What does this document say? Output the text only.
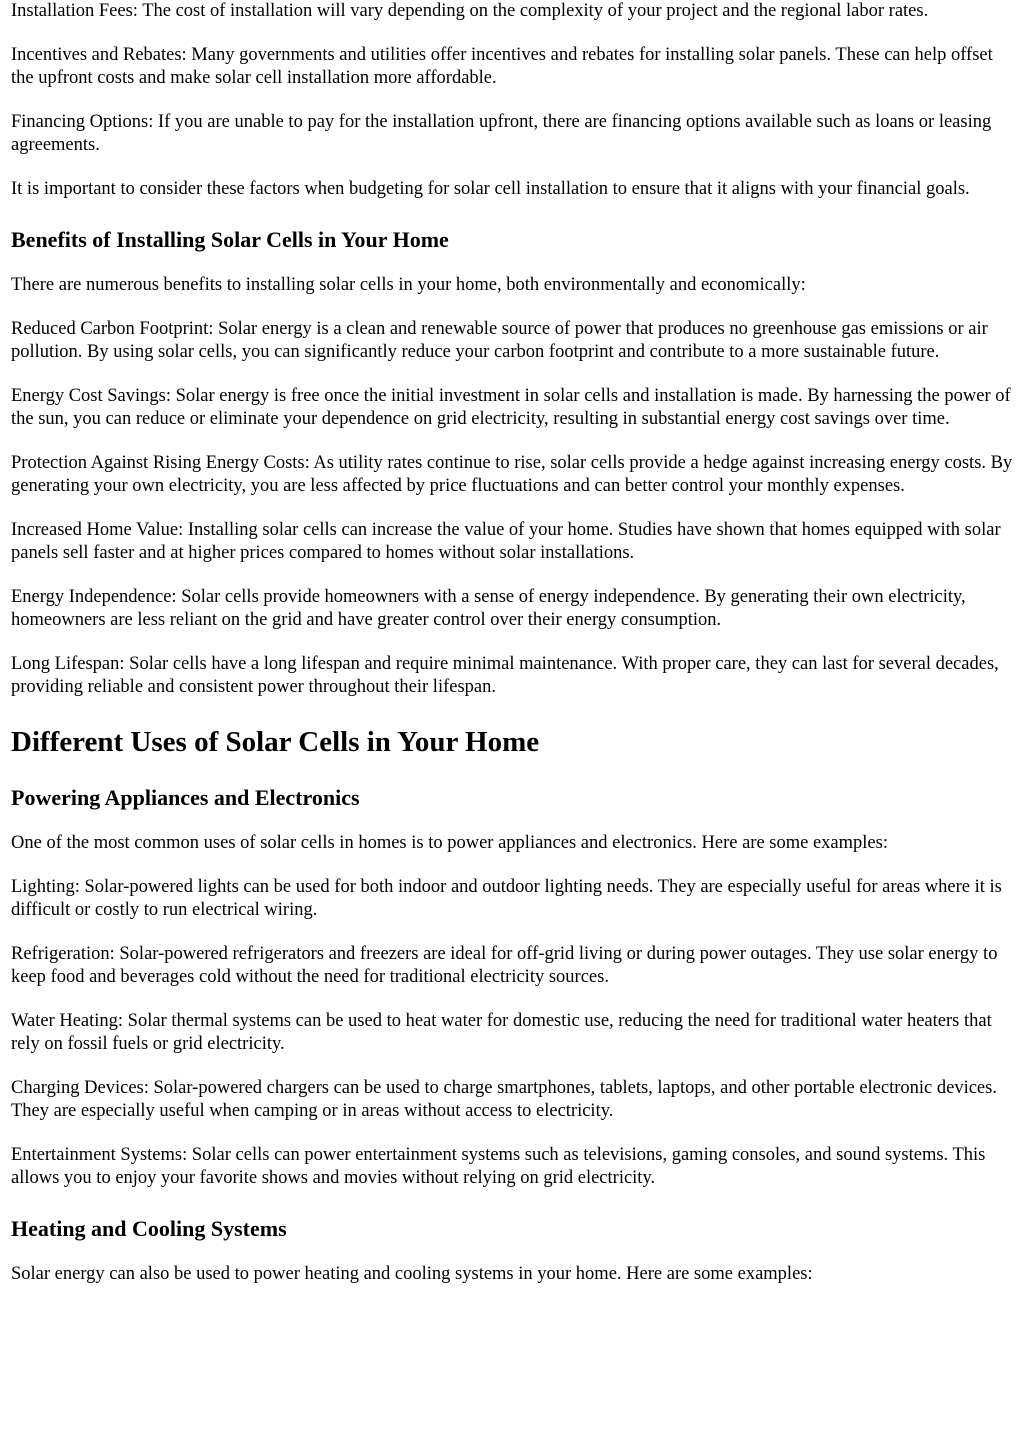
Installation Fees: The cost of installation will vary depending on the complexity of your project and the regional labor rates.

Incentives and Rebates: Many governments and utilities offer incentives and rebates for installing solar panels. These can help offset the upfront costs and make solar cell installation more affordable.

Financing Options: If you are unable to pay for the installation upfront, there are financing options available such as loans or leasing agreements.

It is important to consider these factors when budgeting for solar cell installation to ensure that it aligns with your financial goals.

Benefits of Installing Solar Cells in Your Home

There are numerous benefits to installing solar cells in your home, both environmentally and economically:

Reduced Carbon Footprint: Solar energy is a clean and renewable source of power that produces no greenhouse gas emissions or air pollution. By using solar cells, you can significantly reduce your carbon footprint and contribute to a more sustainable future.

Energy Cost Savings: Solar energy is free once the initial investment in solar cells and installation is made. By harnessing the power of the sun, you can reduce or eliminate your dependence on grid electricity, resulting in substantial energy cost savings over time.

Protection Against Rising Energy Costs: As utility rates continue to rise, solar cells provide a hedge against increasing energy costs. By generating your own electricity, you are less affected by price fluctuations and can better control your monthly expenses.

Increased Home Value: Installing solar cells can increase the value of your home. Studies have shown that homes equipped with solar panels sell faster and at higher prices compared to homes without solar installations.

Energy Independence: Solar cells provide homeowners with a sense of energy independence. By generating their own electricity, homeowners are less reliant on the grid and have greater control over their energy consumption.

Long Lifespan: Solar cells have a long lifespan and require minimal maintenance. With proper care, they can last for several decades, providing reliable and consistent power throughout their lifespan.

Different Uses of Solar Cells in Your Home
Powering Appliances and Electronics

One of the most common uses of solar cells in homes is to power appliances and electronics. Here are some examples:

Lighting: Solar-powered lights can be used for both indoor and outdoor lighting needs. They are especially useful for areas where it is difficult or costly to run electrical wiring.

Refrigeration: Solar-powered refrigerators and freezers are ideal for off-grid living or during power outages. They use solar energy to keep food and beverages cold without the need for traditional electricity sources.

Water Heating: Solar thermal systems can be used to heat water for domestic use, reducing the need for traditional water heaters that rely on fossil fuels or grid electricity.

Charging Devices: Solar-powered chargers can be used to charge smartphones, tablets, laptops, and other portable electronic devices. They are especially useful when camping or in areas without access to electricity.

Entertainment Systems: Solar cells can power entertainment systems such as televisions, gaming consoles, and sound systems. This allows you to enjoy your favorite shows and movies without relying on grid electricity.

Heating and Cooling Systems

Solar energy can also be used to power heating and cooling systems in your home. Here are some examples:
